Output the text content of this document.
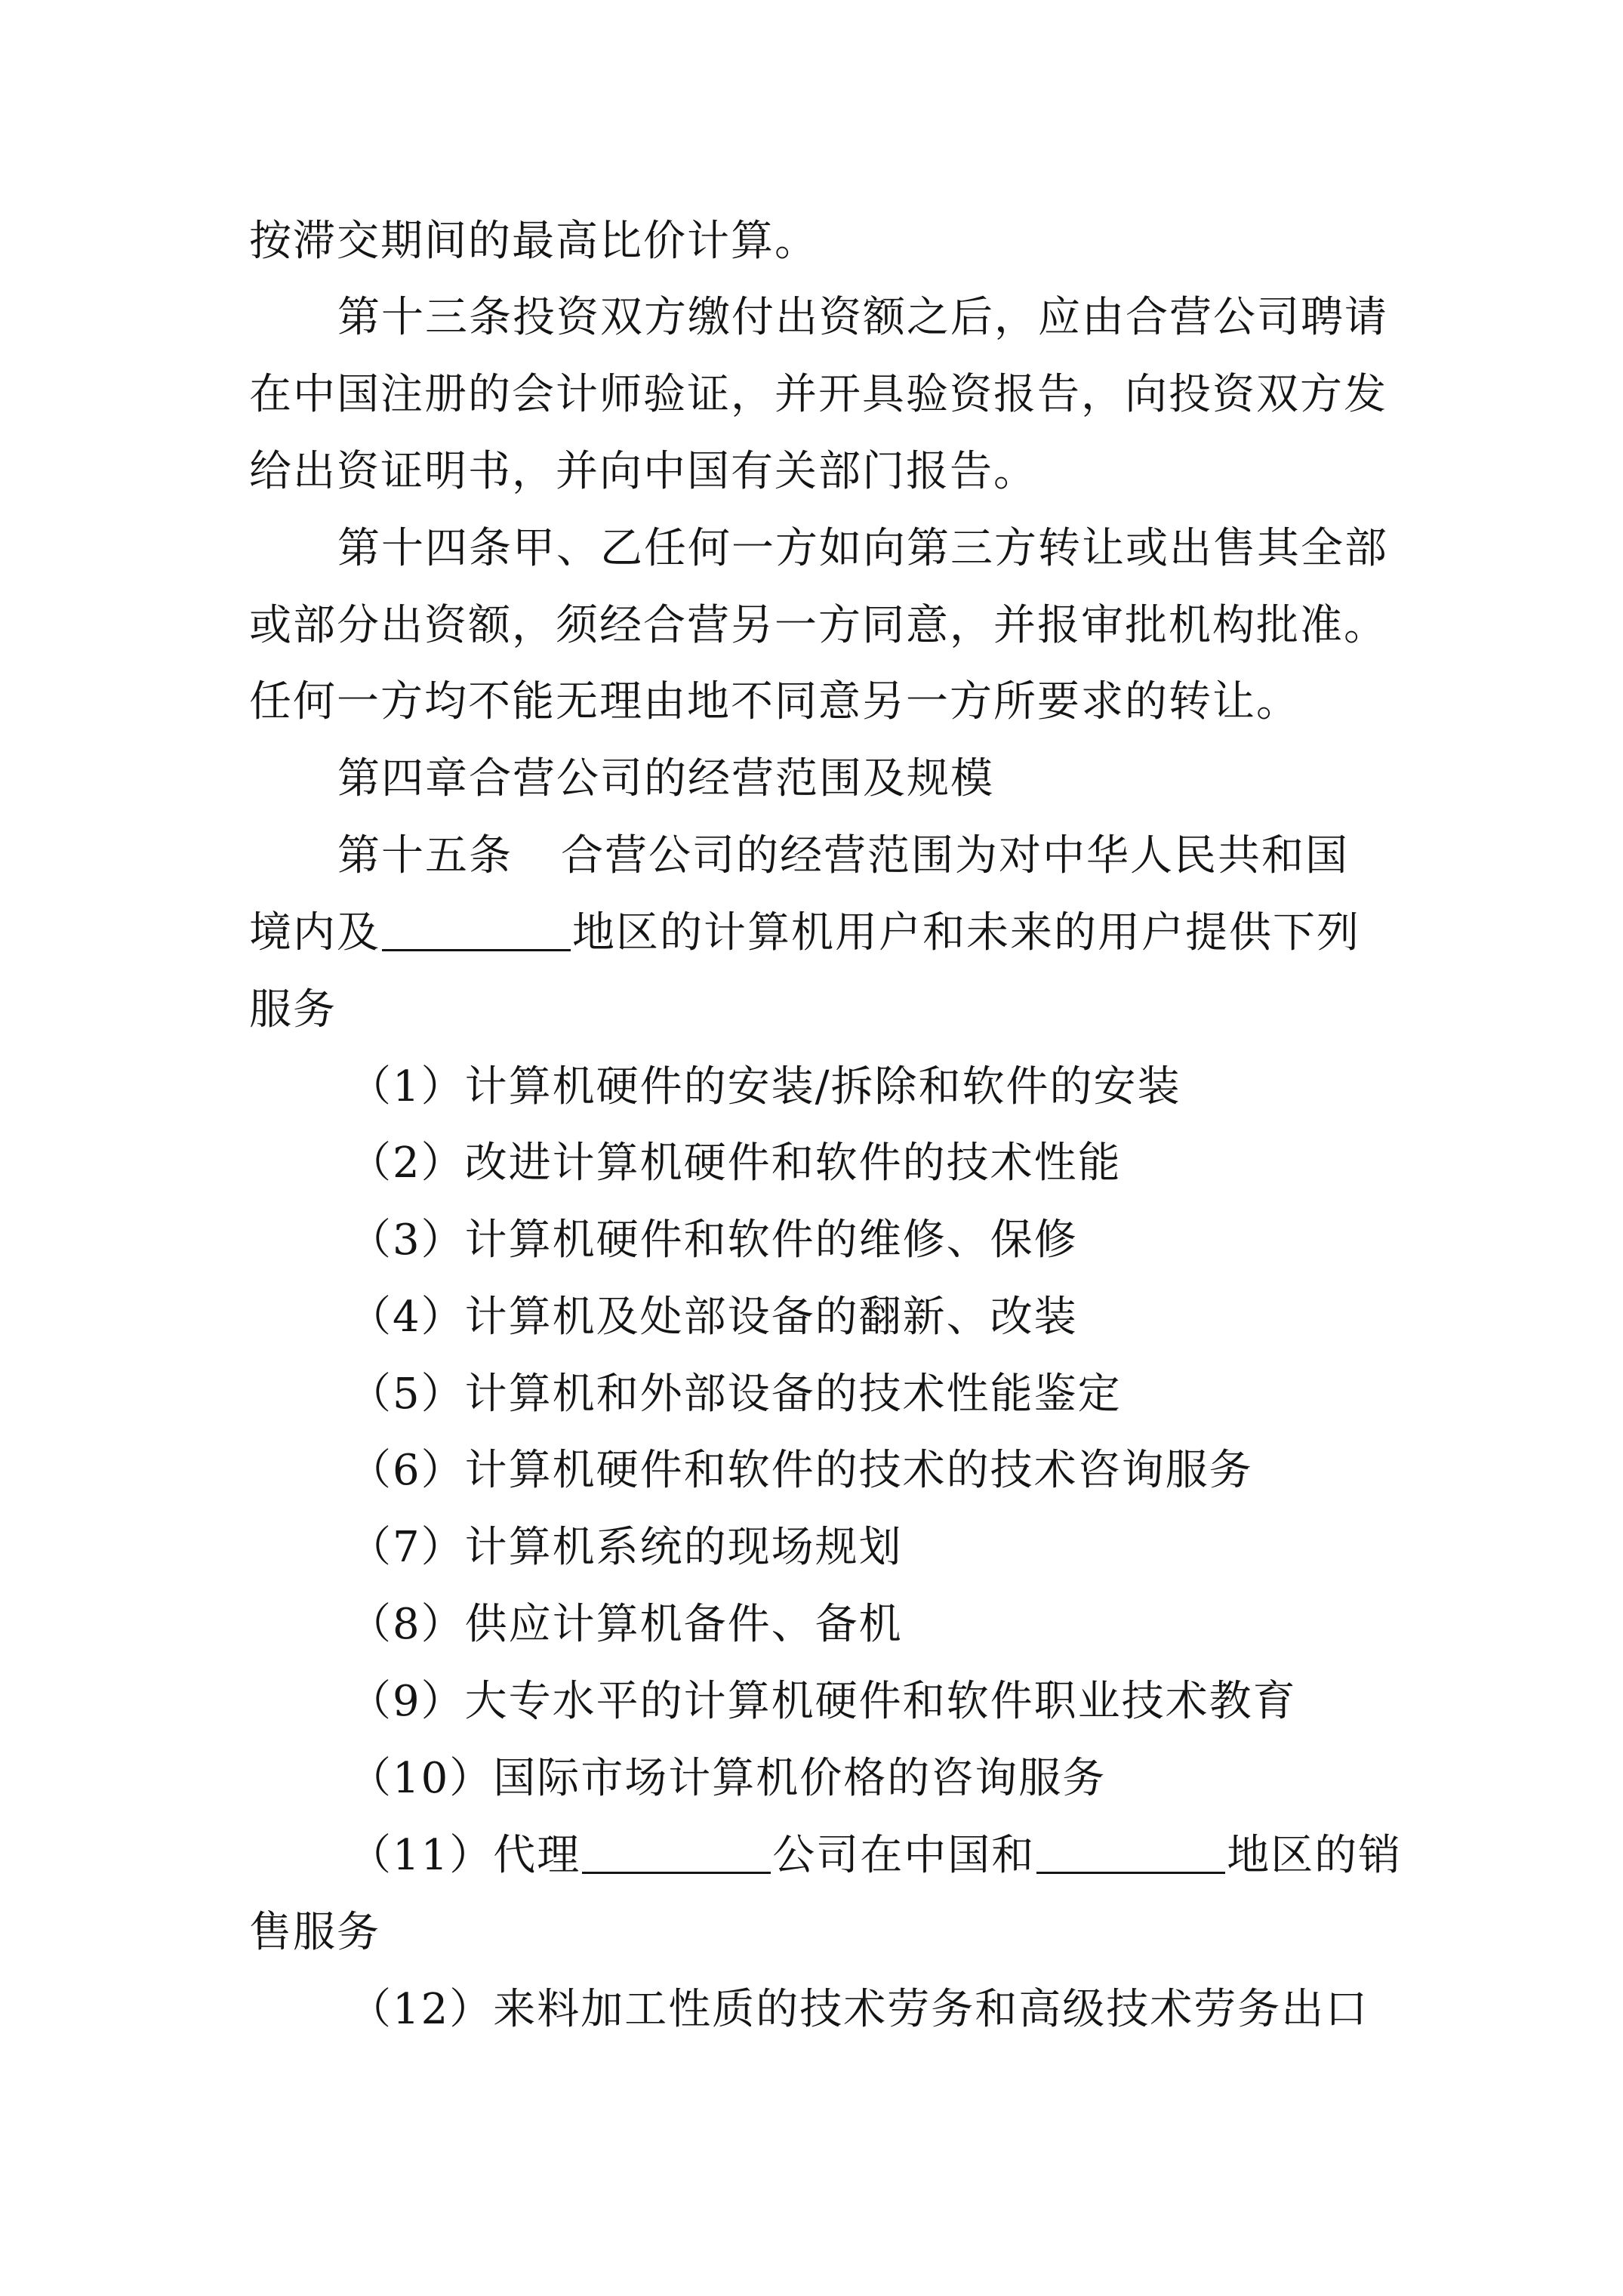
按滞交期间的最高比价计算。
第十三条投资双方缴付出资额之后，应由合营公司聘请
在中国注册的会计师验证，并开具验资报告，向投资双方发
给出资证明书，并向中国有关部门报告。
第十四条甲、乙任何一方如向第三方转让或出售其全部
或部分出资额，须经合营另一方同意，并报审批机构批准。
任何一方均不能无理由地不同意另一方所要求的转让。
第四章合营公司的经营范围及规模
第十五条 合营公司的经营范围为对中华人民共和国
境内及	地区的计算机用户和未来的用户提供下列
服务
（1）计算机硬件的安装/拆除和软件的安装
（2）改进计算机硬件和软件的技术性能
（3）计算机硬件和软件的维修、保修
（4）计算机及处部设备的翻新、改装
（5）计算机和外部设备的技术性能鉴定
（6）计算机硬件和软件的技术的技术咨询服务
（7）计算机系统的现场规划
（8）供应计算机备件、备机
（9）大专水平的计算机硬件和软件职业技术教育
（10）国际市场计算机价格的咨询服务
（11）代理	公司在中国和	地区的销
售服务
（12）来料加工性质的技术劳务和高级技术劳务出口
